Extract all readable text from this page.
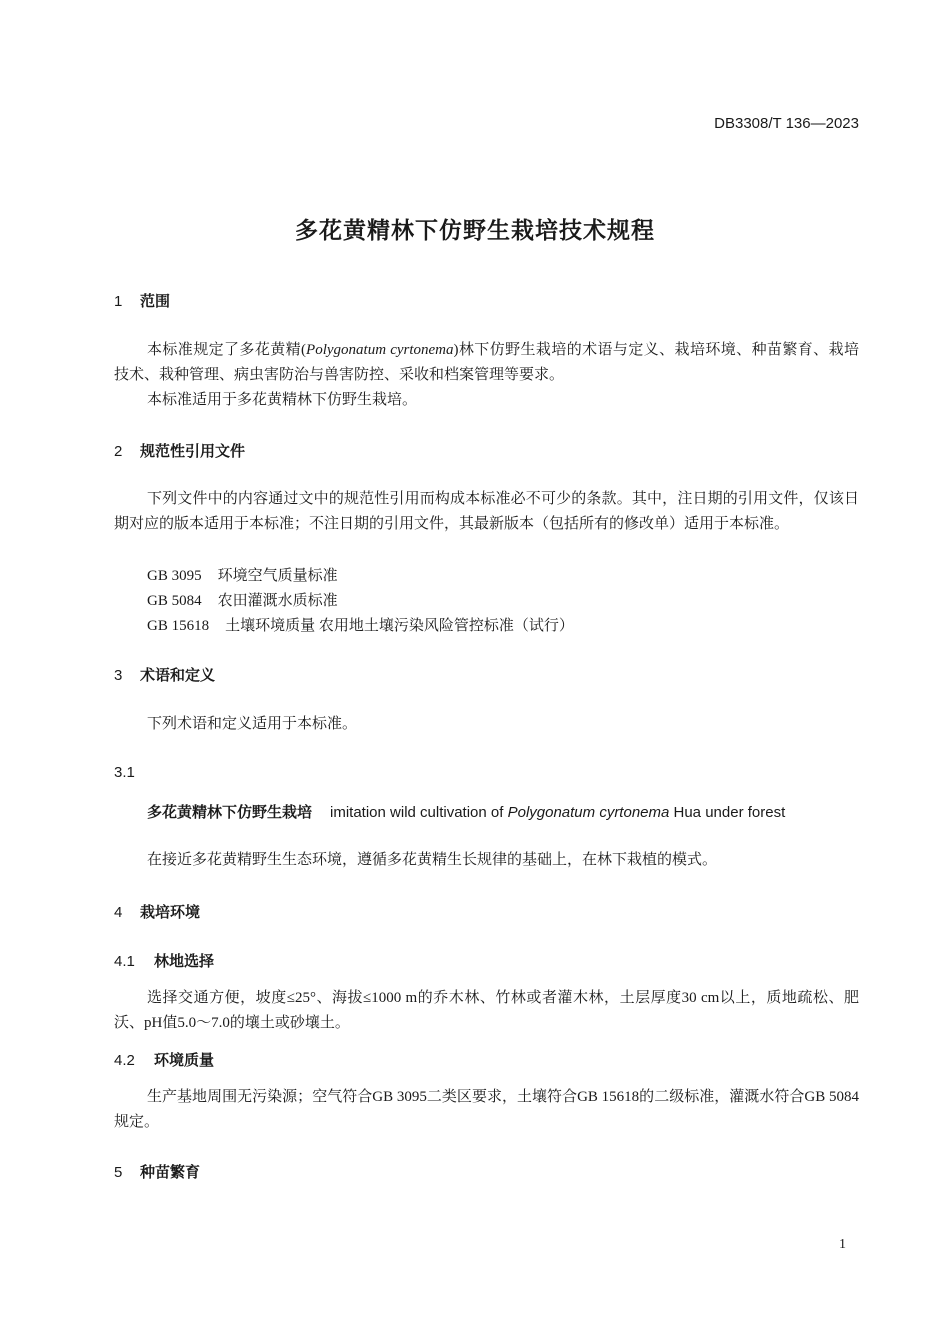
DB3308/T 136—2023
多花黄精林下仿野生栽培技术规程
1 范围

本标准规定了多花黄精(Polygonatum cyrtonema)林下仿野生栽培的术语与定义、栽培环境、种苗繁育、栽培技术、栽种管理、病虫害防治与兽害防控、采收和档案管理等要求。

本标准适用于多花黄精林下仿野生栽培。

2 规范性引用文件

下列文件中的内容通过文中的规范性引用而构成本标准必不可少的条款。其中，注日期的引用文件，仅该日期对应的版本适用于本标准；不注日期的引用文件，其最新版本（包括所有的修改单）适用于本标准。

GB 3095 环境空气质量标准
GB 5084 农田灌溉水质标准
GB 15618 土壤环境质量 农用地土壤污染风险管控标准（试行）
3 术语和定义

下列术语和定义适用于本标准。

3.1
多花黄精林下仿野生栽培 imitation wild cultivation of Polygonatum cyrtonema Hua under forest

在接近多花黄精野生生态环境，遵循多花黄精生长规律的基础上，在林下栽植的模式。

4 栽培环境
4.1 林地选择

选择交通方便，坡度≤25°、海拔≤1000 m的乔木林、竹林或者灌木林，土层厚度30 cm以上，质地疏松、肥沃、pH值5.0～7.0的壤土或砂壤土。

4.2 环境质量

生产基地周围无污染源；空气符合GB 3095二类区要求，土壤符合GB 15618的二级标准，灌溉水符合GB 5084规定。

5 种苗繁育
1
